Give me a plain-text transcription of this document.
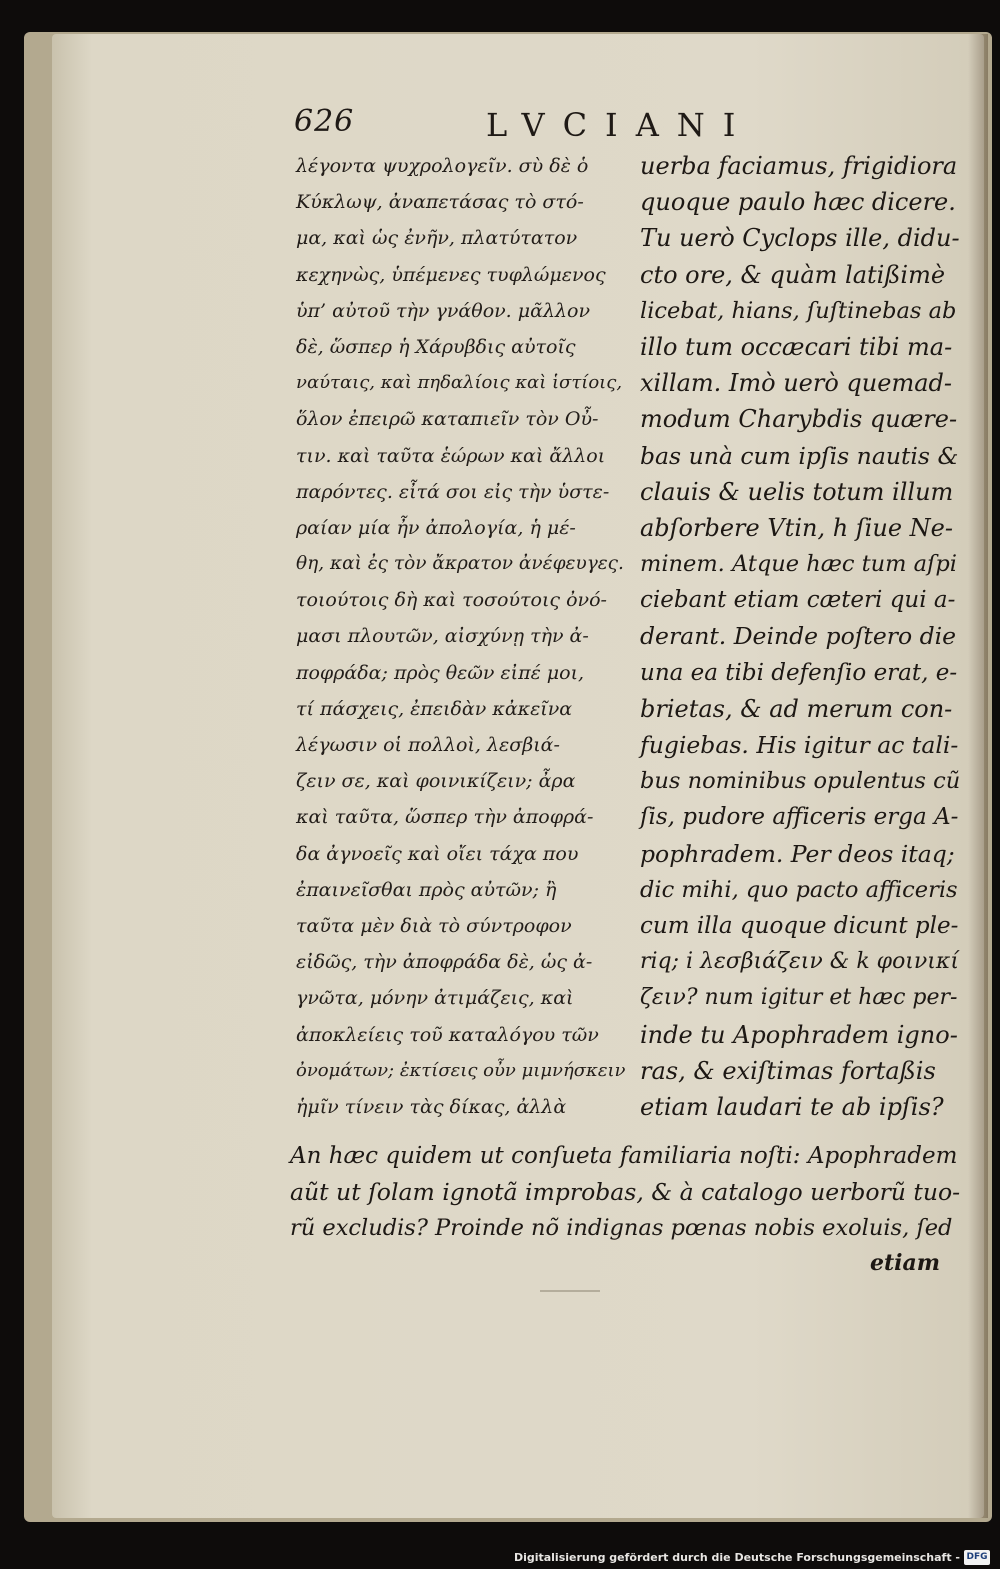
626	LVCIANI
λέγοντα ψυχρολογεῖν. σὺ δὲ ὁ
Κύκλωψ, ἀναπετάσας τὸ στό-
μα, καὶ ὡς ἐνῆν, πλατύτατον
κεχηνὼς, ὑπέμενες τυφλώμενος
ὑπ’ αὐτοῦ τὴν γνάθον. μᾶλλον
δὲ, ὥσπερ ἡ Χάρυβδις αὐτοῖς
ναύταις, καὶ πηδαλίοις καὶ ἱστίοις,
ὅλον ἐπειρῶ καταπιεῖν τὸν Οὖ-
τιν. καὶ ταῦτα ἑώρων καὶ ἄλλοι
παρόντες. εἶτά σοι εἰς τὴν ὑστε-
ραίαν μία ἦν ἀπολογία, ἡ μέ-
θη, καὶ ἐς τὸν ἄκρατον ἀνέφευγες.
τοιούτοις δὴ καὶ τοσούτοις ὀνό-
μασι πλουτῶν, αἰσχύνῃ τὴν ἀ-
ποφράδα; πρὸς θεῶν εἰπέ μοι,
τί πάσχεις, ἐπειδὰν κἀκεῖνα
λέγωσιν οἱ πολλοὶ, λεσβιά-
ζειν σε, καὶ φοινικίζειν; ἆρα
καὶ ταῦτα, ὥσπερ τὴν ἀποφρά-
δα ἀγνοεῖς καὶ οἴει τάχα που
ἐπαινεῖσθαι πρὸς αὐτῶν; ἢ
ταῦτα μὲν διὰ τὸ σύντροφον
εἰδῶς, τὴν ἀποφράδα δὲ, ὡς ἀ-
γνῶτα, μόνην ἀτιμάζεις, καὶ
ἀποκλείεις τοῦ καταλόγου τῶν
ὀνομάτων; ἐκτίσεις οὖν μιμνήσκειν
ἡμῖν τίνειν τὰς δίκας, ἀλλὰ
uerba faciamus, frigidiora
quoque paulo hæc dicere.
Tu uerò Cyclops ille, didu-
cto ore, & quàm latißimè
licebat, hians, ſuſtinebas ab
illo tum occæcari tibi ma-
xillam. Imò uerò quemad-
modum Charybdis quære-
bas unà cum ipſis nautis &
clauis & uelis totum illum
abſorbere Vtin, h ſiue Ne-
minem. Atque hæc tum aſpi
ciebant etiam cæteri qui a-
derant. Deinde poſtero die
una ea tibi defenſio erat, e-
brietas, & ad merum con-
fugiebas. His igitur ac tali-
bus nominibus opulentus cũ
ſis, pudore afficeris erga A-
pophradem. Per deos itaq;
dic mihi, quo pacto afficeris
cum illa quoque dicunt ple-
riq; i λεσβιάζειν & k φοινικί
ζειν? num igitur et hæc per-
inde tu Apophradem igno-
ras, & exiſtimas fortaßis
etiam laudari te ab ipſis?
An hæc quidem ut conſueta familiaria noſti: Apophradem
aũt ut ſolam ignotã improbas, & à catalogo uerborũ tuo-
rũ excludis? Proinde nõ indignas pœnas nobis exoluis, ſed
etiam
Digitalisierung gefördert durch die Deutsche Forschungsgemeinschaft - DFG
